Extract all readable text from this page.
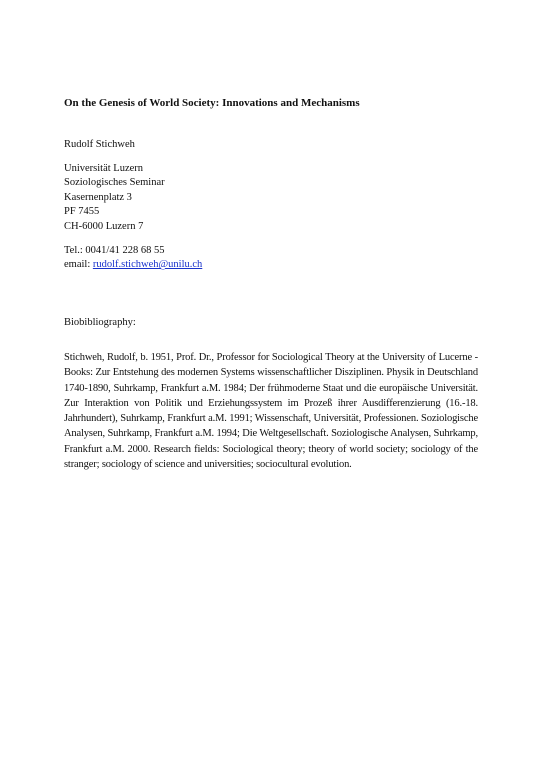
On the Genesis of World Society: Innovations and Mechanisms
Rudolf Stichweh
Universität Luzern
Soziologisches Seminar
Kasernenplatz 3
PF 7455
CH-6000 Luzern 7
Tel.: 0041/41 228 68 55
email: rudolf.stichweh@unilu.ch
Biobibliography:
Stichweh, Rudolf, b. 1951, Prof. Dr., Professor for Sociological Theory at the University of Lucerne - Books: Zur Entstehung des modernen Systems wissenschaftlicher Disziplinen. Physik in Deutschland 1740-1890, Suhrkamp, Frankfurt a.M. 1984; Der frühmoderne Staat und die europäische Universität. Zur Interaktion von Politik und Erziehungssystem im Prozeß ihrer Ausdifferenzierung (16.-18. Jahrhundert), Suhrkamp, Frankfurt a.M. 1991; Wissenschaft, Universität, Professionen. Soziologische Analysen, Suhrkamp, Frankfurt a.M. 1994; Die Weltgesellschaft. Soziologische Analysen, Suhrkamp, Frankfurt a.M. 2000. Research fields: Sociological theory; theory of world society; sociology of the stranger; sociology of science and universities; sociocultural evolution.
